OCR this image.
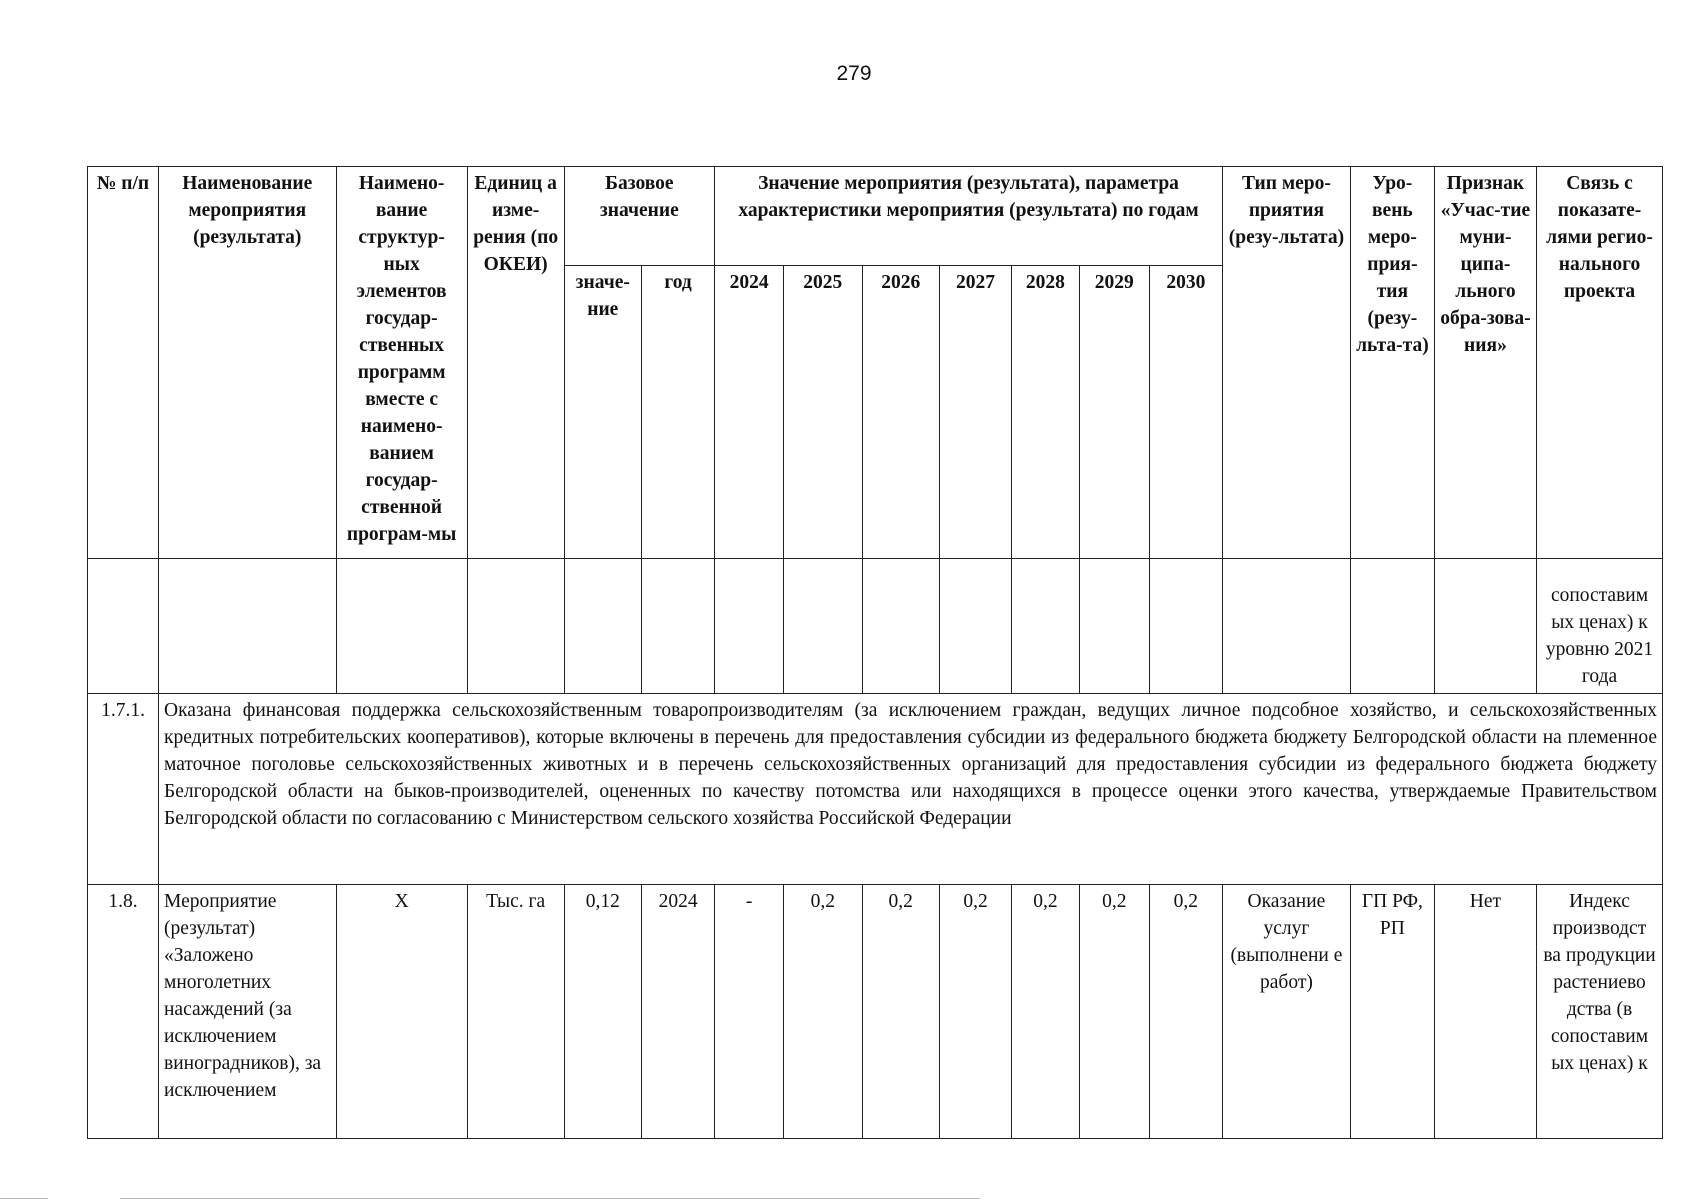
279
№ п/п	Наименование мероприятия (результата)	Наимено-вание структур-ных элементов государ-ственных программ вместе с наимено-ванием государ-ственной програм-мы	Единиц а изме-рения (по ОКЕИ)	Базовое значение		Значение мероприятия (результата), параметра характеристики мероприятия (результата) по годам							Тип меро-приятия (резу-льтата)	Уро-вень меро-прия-тия (резу-льта-та)	Признак «Учас-тие муни-ципа-льного обра-зова-ния»	Связь с показате-лями регио-нального проекта
				значе-ние	год	2024	2025	2026	2027	2028	2029	2030				
																сопоставим ых ценах) к уровню 2021 года
1.7.1.	Оказана финансовая поддержка сельскохозяйственным товаропроизводителям (за исключением граждан, ведущих личное подсобное хозяйство, и сельскохозяйственных кредитных потребительских кооперативов), которые включены в перечень для предоставления субсидии из федерального бюджета бюджету Белгородской области на племенное маточное поголовье сельскохозяйственных животных и в перечень сельскохозяйственных организаций для предоставления субсидии из федерального бюджета бюджету Белгородской области на быков-производителей, оцененных по качеству потомства или находящихся в процессе оценки этого качества, утверждаемые Правительством Белгородской области по согласованию с Министерством сельского хозяйства Российской Федерации															
1.8.	Мероприятие (результат) «Заложено многолетних насаждений (за исключением виноградников), за исключением	X	Тыс. га	0,12	2024	-	0,2	0,2	0,2	0,2	0,2	0,2	Оказание услуг (выполнени е работ)	ГП РФ, РП	Нет	Индекс производст ва продукции растениево дства (в сопоставим ых ценах) к
